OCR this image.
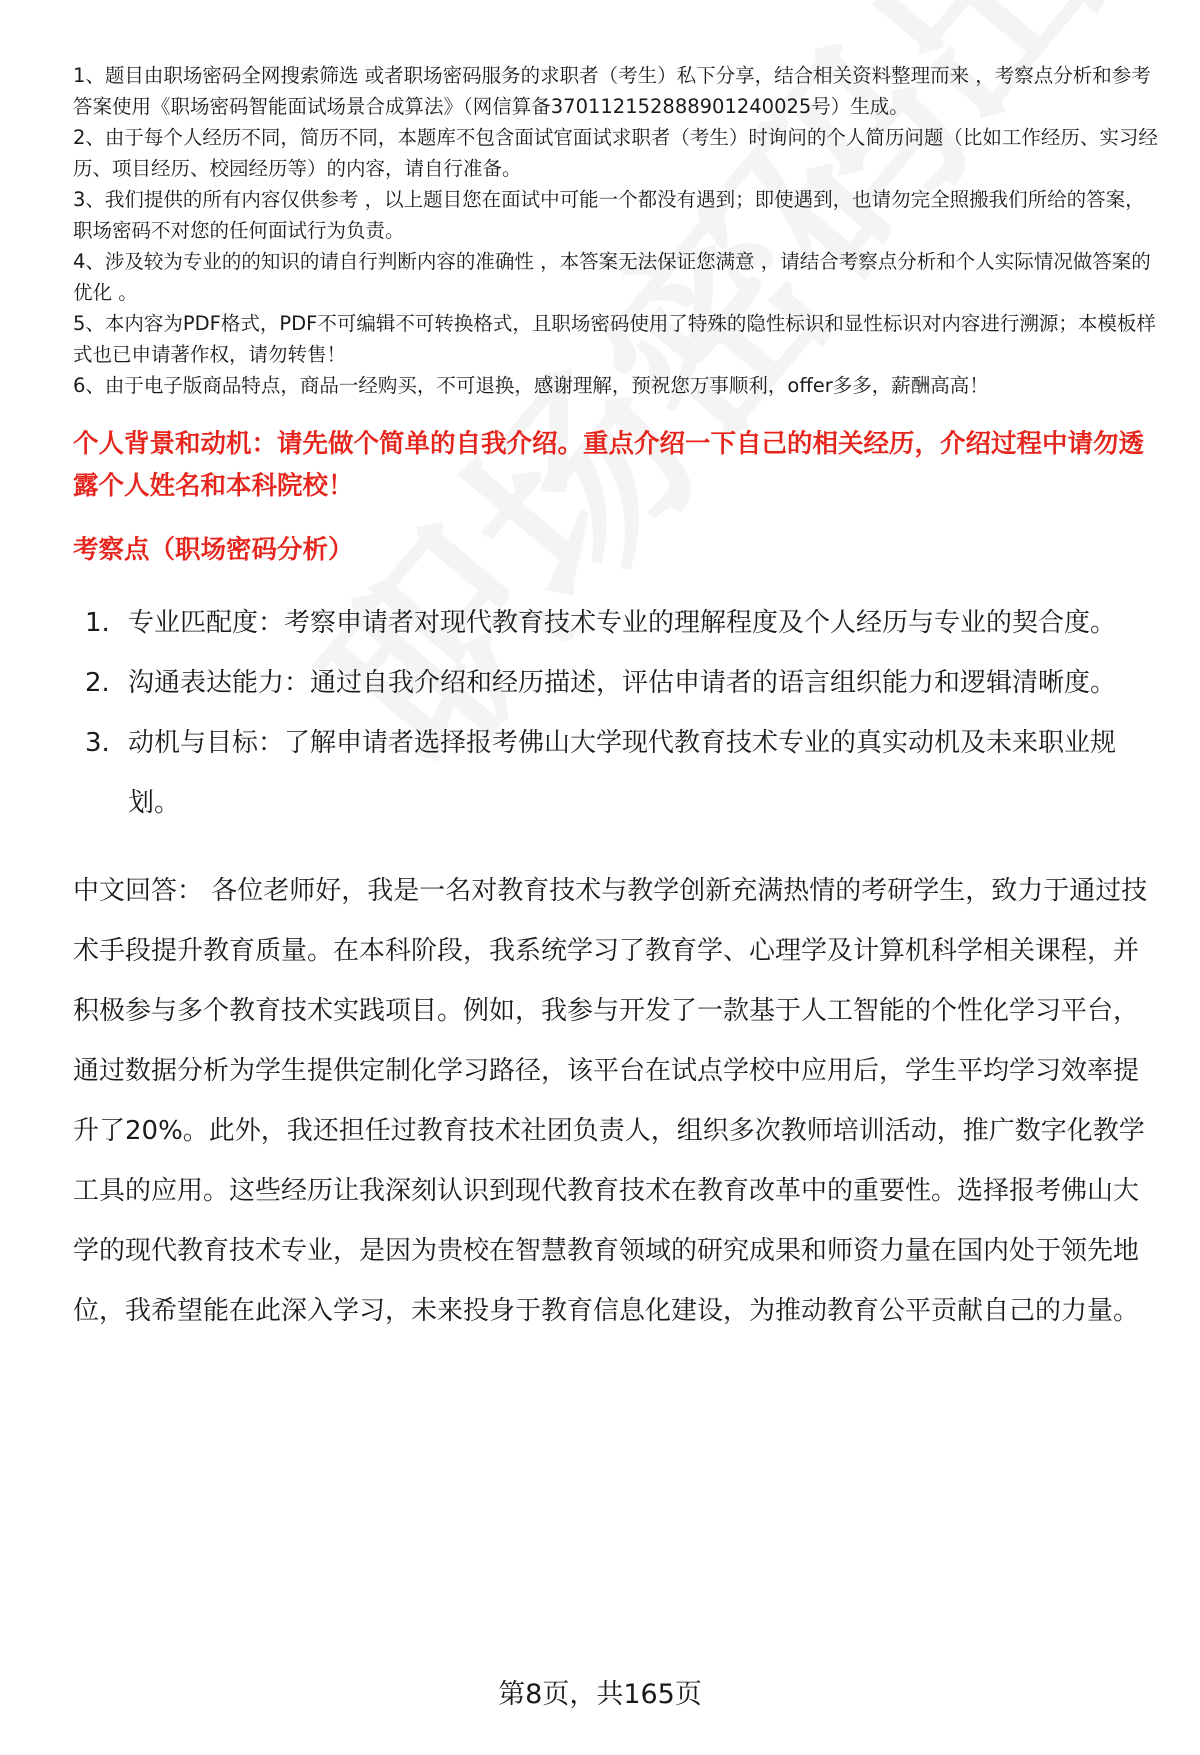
1、题目由职场密码全网搜索筛选 或者职场密码服务的求职者（考生）私下分享，结合相关资料整理而来 ，考察点分析和参考答案使用《职场密码智能面试场景合成算法》（网信算备370112152888901240025号）生成。

2、由于每个人经历不同，简历不同，本题库不包含面试官面试求职者（考生）时询问的个人简历问题（比如工作经历、实习经历、项目经历、校园经历等）的内容，请自行准备。

3、我们提供的所有内容仅供参考 ，以上题目您在面试中可能一个都没有遇到；即使遇到，也请勿完全照搬我们所给的答案，职场密码不对您的任何面试行为负责。

4、涉及较为专业的的知识的请自行判断内容的准确性 ，本答案无法保证您满意 ，请结合考察点分析和个人实际情况做答案的优化 。

5、本内容为PDF格式，PDF不可编辑不可转换格式，且职场密码使用了特殊的隐性标识和显性标识对内容进行溯源；本模板样式也已申请著作权，请勿转售！

6、由于电子版商品特点，商品一经购买，不可退换，感谢理解，预祝您万事顺利，offer多多，薪酬高高！

个人背景和动机：请先做个简单的自我介绍。重点介绍一下自己的相关经历，介绍过程中请勿透露个人姓名和本科院校！

考察点（职场密码分析）

1. 专业匹配度：考察申请者对现代教育技术专业的理解程度及个人经历与专业的契合度。
2. 沟通表达能力：通过自我介绍和经历描述，评估申请者的语言组织能力和逻辑清晰度。
3. 动机与目标：了解申请者选择报考佛山大学现代教育技术专业的真实动机及未来职业规划。

中文回答： 各位老师好，我是一名对教育技术与教学创新充满热情的考研学生，致力于通过技术手段提升教育质量。在本科阶段，我系统学习了教育学、心理学及计算机科学相关课程，并积极参与多个教育技术实践项目。例如，我参与开发了一款基于人工智能的个性化学习平台，通过数据分析为学生提供定制化学习路径，该平台在试点学校中应用后，学生平均学习效率提升了20%。此外，我还担任过教育技术社团负责人，组织多次教师培训活动，推广数字化教学工具的应用。这些经历让我深刻认识到现代教育技术在教育改革中的重要性。选择报考佛山大学的现代教育技术专业，是因为贵校在智慧教育领域的研究成果和师资力量在国内处于领先地位，我希望能在此深入学习，未来投身于教育信息化建设，为推动教育公平贡献自己的力量。

第8页，共165页
